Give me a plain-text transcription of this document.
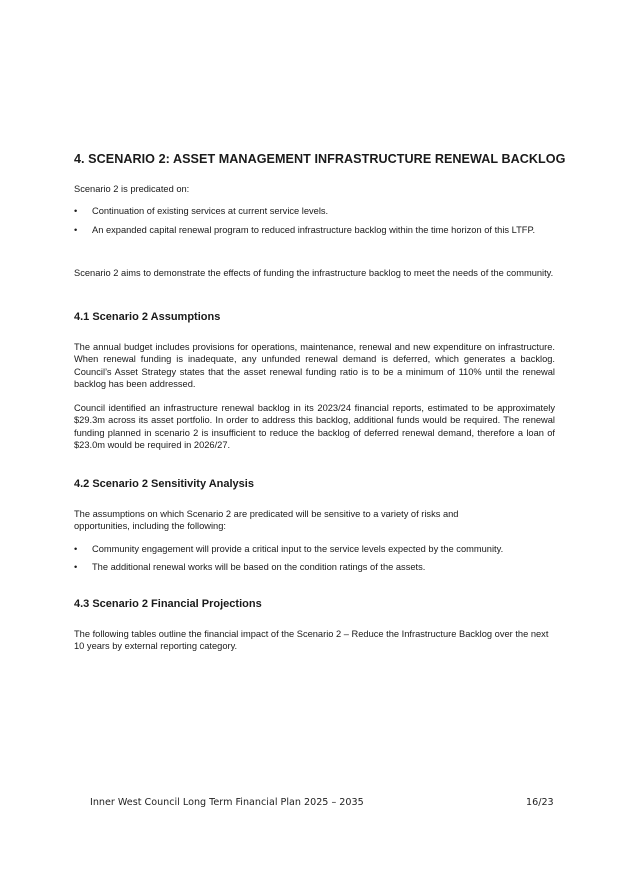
4. SCENARIO 2: ASSET MANAGEMENT INFRASTRUCTURE RENEWAL BACKLOG
Scenario 2 is predicated on:
• Continuation of existing services at current service levels.
• An expanded capital renewal program to reduced infrastructure backlog within the time horizon of this LTFP.
Scenario 2 aims to demonstrate the effects of funding the infrastructure backlog to meet the needs of the community.
4.1 Scenario 2 Assumptions
The annual budget includes provisions for operations, maintenance, renewal and new expenditure on infrastructure. When renewal funding is inadequate, any unfunded renewal demand is deferred, which generates a backlog. Council’s Asset Strategy states that the asset renewal funding ratio is to be a minimum of 110% until the renewal backlog has been addressed.
Council identified an infrastructure renewal backlog in its 2023/24 financial reports, estimated to be approximately $29.3m across its asset portfolio. In order to address this backlog, additional funds would be required. The renewal funding planned in scenario 2 is insufficient to reduce the backlog of deferred renewal demand, therefore a loan of $23.0m would be required in 2026/27.
4.2 Scenario 2 Sensitivity Analysis
The assumptions on which Scenario 2 are predicated will be sensitive to a variety of risks and opportunities, including the following:
• Community engagement will provide a critical input to the service levels expected by the community.
• The additional renewal works will be based on the condition ratings of the assets.
4.3 Scenario 2 Financial Projections
The following tables outline the financial impact of the Scenario 2 – Reduce the Infrastructure Backlog over the next 10 years by external reporting category.
Inner West Council Long Term Financial Plan 2025 – 2035	16/23
